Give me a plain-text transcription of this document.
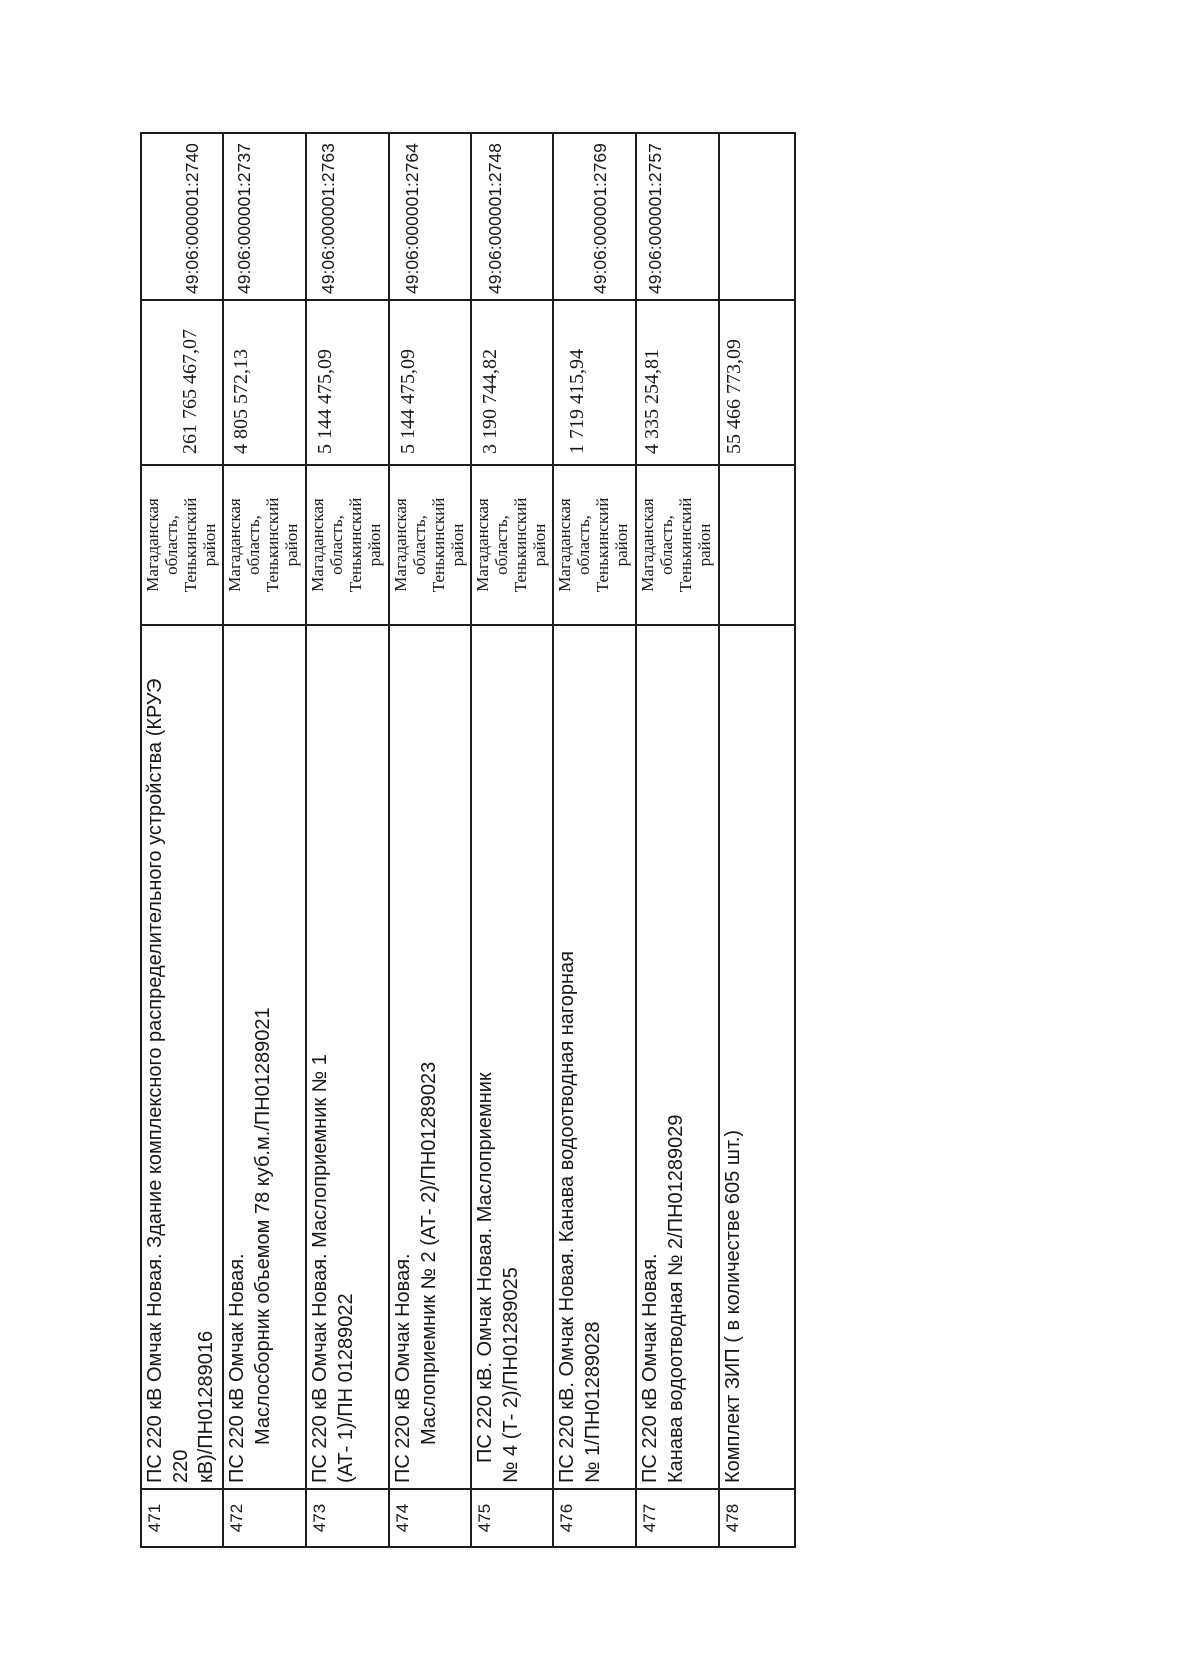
471
ПС 220 кВ Омчак Новая. Здание комплексного распределительного устройства (КРУЭ 220 кВ)/ПН01289016
Магаданская область, Тенькинский район
261 765 467,07
49:06:000001:2740
472
ПС 220 кВ Омчак Новая. Маслосборник объемом 78 куб.м./ПН01289021
Магаданская область, Тенькинский район
4 805 572,13
49:06:000001:2737
473
ПС 220 кВ Омчак Новая. Маслоприемник № 1 (АТ- 1)/ПН 01289022
Магаданская область, Тенькинский район
5 144 475,09
49:06:000001:2763
474
ПС 220 кВ Омчак Новая. Маслоприемник № 2 (АТ- 2)/ПН01289023
Магаданская область, Тенькинский район
5 144 475,09
49:06:000001:2764
475
ПС 220 кВ. Омчак Новая. Маслоприемник № 4 (Т- 2)/ПН01289025
Магаданская область, Тенькинский район
3 190 744,82
49:06:000001:2748
476
ПС 220 кВ. Омчак Новая. Канава водоотводная нагорная № 1/ПН01289028
Магаданская область, Тенькинский район
1 719 415,94
49:06:000001:2769
477
ПС 220 кВ Омчак Новая. Канава водоотводная № 2/ПН01289029
Магаданская область, Тенькинский район
4 335 254,81
49:06:000001:2757
478
Комплект ЗИП ( в количестве 605 шт.)
55 466 773,09
